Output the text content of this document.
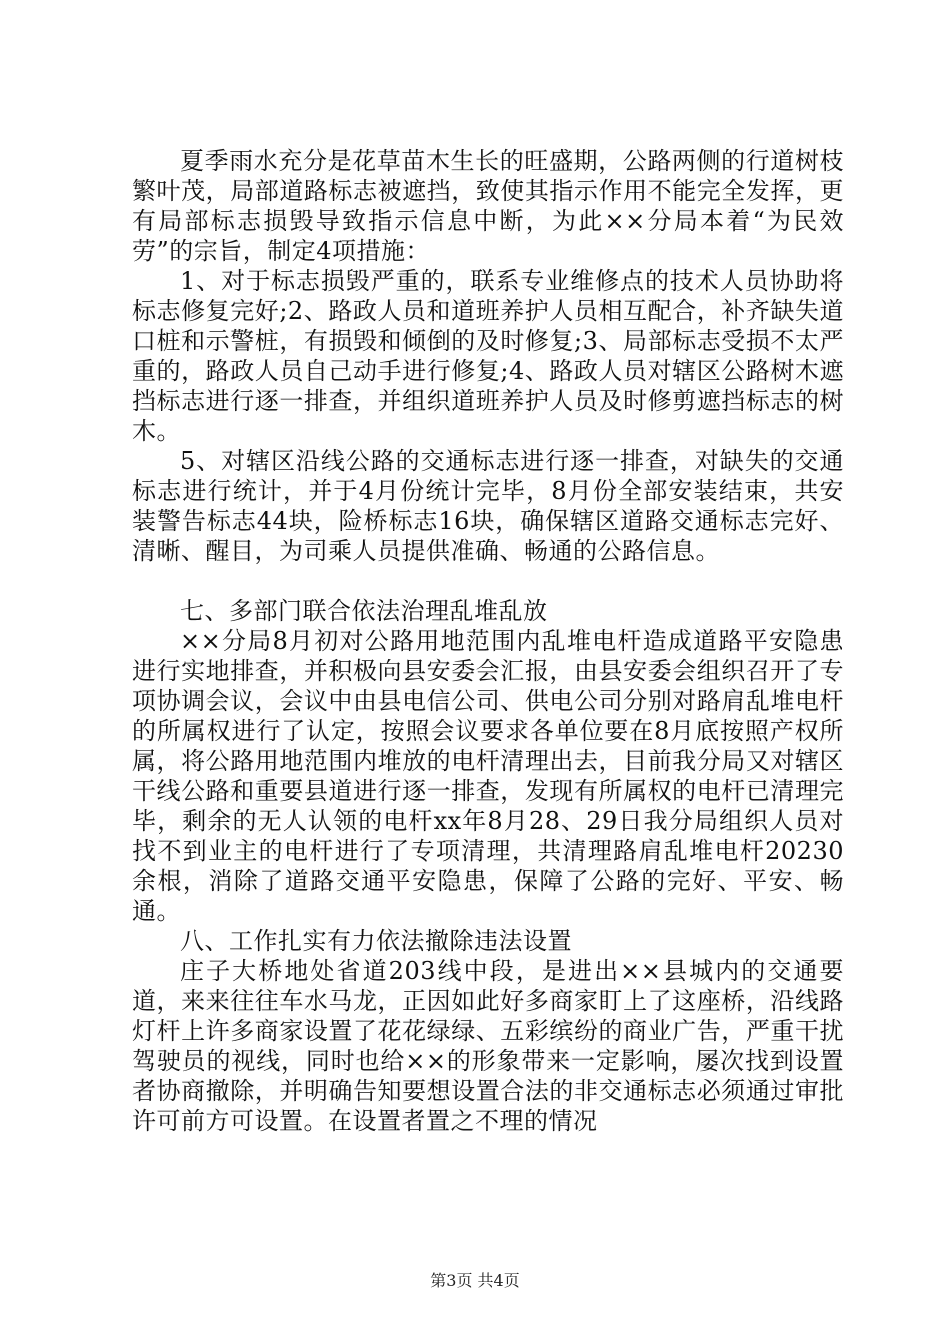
夏季雨水充分是花草苗木生长的旺盛期，公路两侧的行道树枝繁叶茂，局部道路标志被遮挡，致使其指示作用不能完全发挥，更有局部标志损毁导致指示信息中断，为此××分局本着“为民效劳”的宗旨，制定4项措施：

1、对于标志损毁严重的，联系专业维修点的技术人员协助将标志修复完好;2、路政人员和道班养护人员相互配合，补齐缺失道口桩和示警桩，有损毁和倾倒的及时修复;3、局部标志受损不太严重的，路政人员自己动手进行修复;4、路政人员对辖区公路树木遮挡标志进行逐一排查，并组织道班养护人员及时修剪遮挡标志的树木。

5、对辖区沿线公路的交通标志进行逐一排查，对缺失的交通标志进行统计，并于4月份统计完毕，8月份全部安装结束，共安装警告标志44块，险桥标志16块，确保辖区道路交通标志完好、清晰、醒目，为司乘人员提供准确、畅通的公路信息。

七、多部门联合依法治理乱堆乱放

××分局8月初对公路用地范围内乱堆电杆造成道路平安隐患进行实地排查，并积极向县安委会汇报，由县安委会组织召开了专项协调会议，会议中由县电信公司、供电公司分别对路肩乱堆电杆的所属权进行了认定，按照会议要求各单位要在8月底按照产权所属，将公路用地范围内堆放的电杆清理出去，目前我分局又对辖区干线公路和重要县道进行逐一排查，发现有所属权的电杆已清理完毕，剩余的无人认领的电杆xx年8月28、29日我分局组织人员对找不到业主的电杆进行了专项清理，共清理路肩乱堆电杆20230余根，消除了道路交通平安隐患，保障了公路的完好、平安、畅通。

八、工作扎实有力依法撤除违法设置

庄子大桥地处省道203线中段，是进出××县城内的交通要道，来来往往车水马龙，正因如此好多商家盯上了这座桥，沿线路灯杆上许多商家设置了花花绿绿、五彩缤纷的商业广告，严重干扰驾驶员的视线，同时也给××的形象带来一定影响，屡次找到设置者协商撤除，并明确告知要想设置合法的非交通标志必须通过审批许可前方可设置。在设置者置之不理的情况

第3页 共4页
